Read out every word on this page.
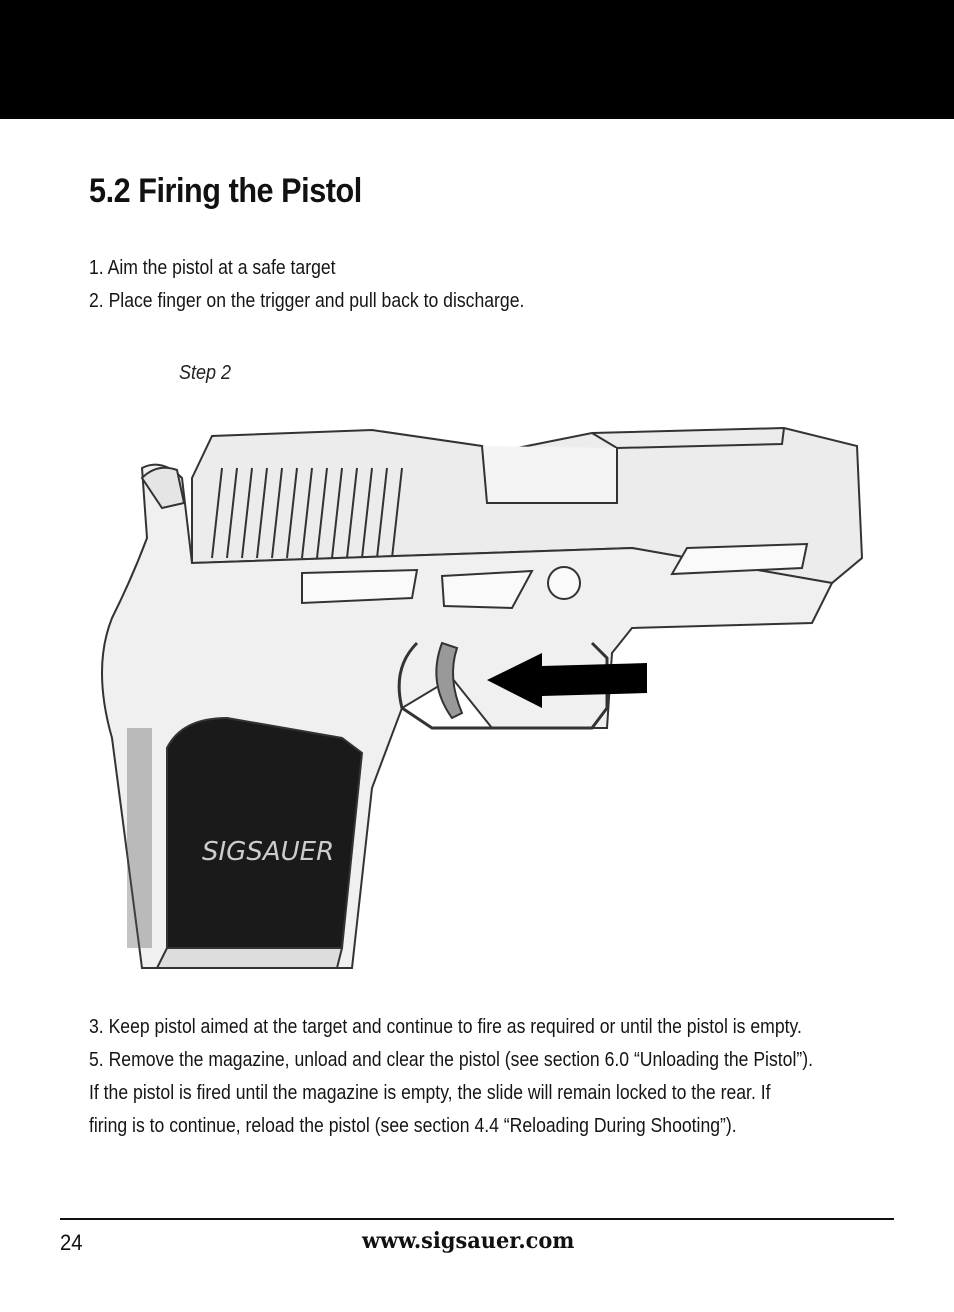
5.2 Firing the Pistol
1. Aim the pistol at a safe target
2. Place finger on the trigger and pull back to discharge.
Step 2
SIGSAUER
3. Keep pistol aimed at the target and continue to fire as required or until the pistol is empty.
5. Remove the magazine, unload and clear the pistol (see section 6.0 “Unloading the Pistol”).
If the pistol is fired until the magazine is empty, the slide will remain locked to the rear. If
firing is to continue, reload the pistol (see section 4.4 “Reloading During Shooting”).
24	www.sigsauer.com
